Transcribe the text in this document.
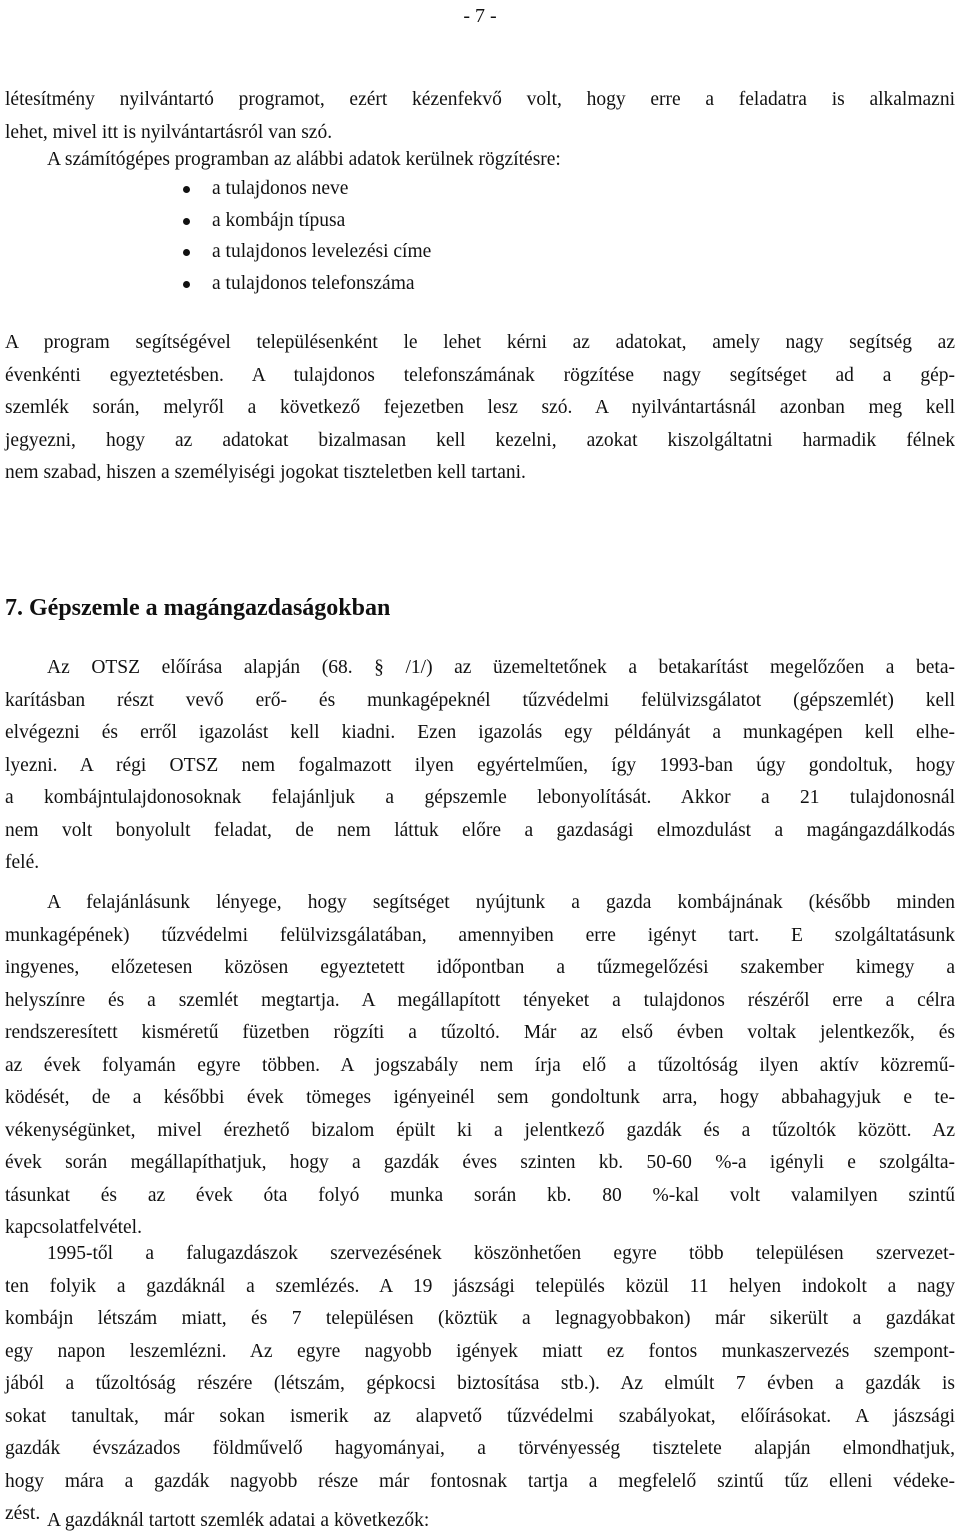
- 7 -

létesítmény nyilvántartó programot, ezért kézenfekvő volt, hogy erre a feladatra is alkalmazni
lehet, mivel itt is nyilvántartásról van szó.

A számítógépes programban az alábbi adatok kerülnek rögzítésre:

a tulajdonos neve
a kombájn típusa
a tulajdonos levelezési címe
a tulajdonos telefonszáma

A program segítségével településenként le lehet kérni az adatokat, amely nagy segítség az
évenkénti egyeztetésben. A tulajdonos telefonszámának rögzítése nagy segítséget ad a gép-
szemlék során, melyről a következő fejezetben lesz szó. A nyilvántartásnál azonban meg kell
jegyezni, hogy az adatokat bizalmasan kell kezelni, azokat kiszolgáltatni harmadik félnek
nem szabad, hiszen a személyiségi jogokat tiszteletben kell tartani.

7. Gépszemle a magángazdaságokban

Az OTSZ előírása alapján (68. § /1/) az üzemeltetőnek a betakarítást megelőzően a beta-
karításban részt vevő erő- és munkagépeknél tűzvédelmi felülvizsgálatot (gépszemlét) kell
elvégezni és erről igazolást kell kiadni. Ezen igazolás egy példányát a munkagépen kell elhe-
lyezni. A régi OTSZ nem fogalmazott ilyen egyértelműen, így 1993-ban úgy gondoltuk, hogy
a kombájntulajdonosoknak felajánljuk a gépszemle lebonyolítását. Akkor a 21 tulajdonosnál
nem volt bonyolult feladat, de nem láttuk előre a gazdasági elmozdulást a magángazdálkodás
felé.

A felajánlásunk lényege, hogy segítséget nyújtunk a gazda kombájnának (később minden
munkagépének) tűzvédelmi felülvizsgálatában, amennyiben erre igényt tart. E szolgáltatásunk
ingyenes, előzetesen közösen egyeztetett időpontban a tűzmegelőzési szakember kimegy a
helyszínre és a szemlét megtartja. A megállapított tényeket a tulajdonos részéről erre a célra
rendszeresített kisméretű füzetben rögzíti a tűzoltó. Már az első évben voltak jelentkezők, és
az évek folyamán egyre többen. A jogszabály nem írja elő a tűzoltóság ilyen aktív közremű-
ködését, de a későbbi évek tömeges igényeinél sem gondoltunk arra, hogy abbahagyjuk e te-
vékenységünket, mivel érezhető bizalom épült ki a jelentkező gazdák és a tűzoltók között. Az
évek során megállapíthatjuk, hogy a gazdák éves szinten kb. 50-60 %-a igényli e szolgálta-
tásunkat és az évek óta folyó munka során kb. 80 %-kal volt valamilyen szintű
kapcsolatfelvétel.

1995-től a falugazdászok szervezésének köszönhetően egyre több településen szervezet-
ten folyik a gazdáknál a szemlézés. A 19 jászsági település közül 11 helyen indokolt a nagy
kombájn létszám miatt, és 7 településen (köztük a legnagyobbakon) már sikerült a gazdákat
egy napon leszemlézni. Az egyre nagyobb igények miatt ez fontos munkaszervezés szempont-
jából a tűzoltóság részére (létszám, gépkocsi biztosítása stb.). Az elmúlt 7 évben a gazdák is
sokat tanultak, már sokan ismerik az alapvető tűzvédelmi szabályokat, előírásokat. A jászsági
gazdák évszázados földművelő hagyományai, a törvényesség tisztelete alapján elmondhatjuk,
hogy mára a gazdák nagyobb része már fontosnak tartja a megfelelő szintű tűz elleni védeke-
zést. A gazdáknál tartott szemlék adatai a következők:
